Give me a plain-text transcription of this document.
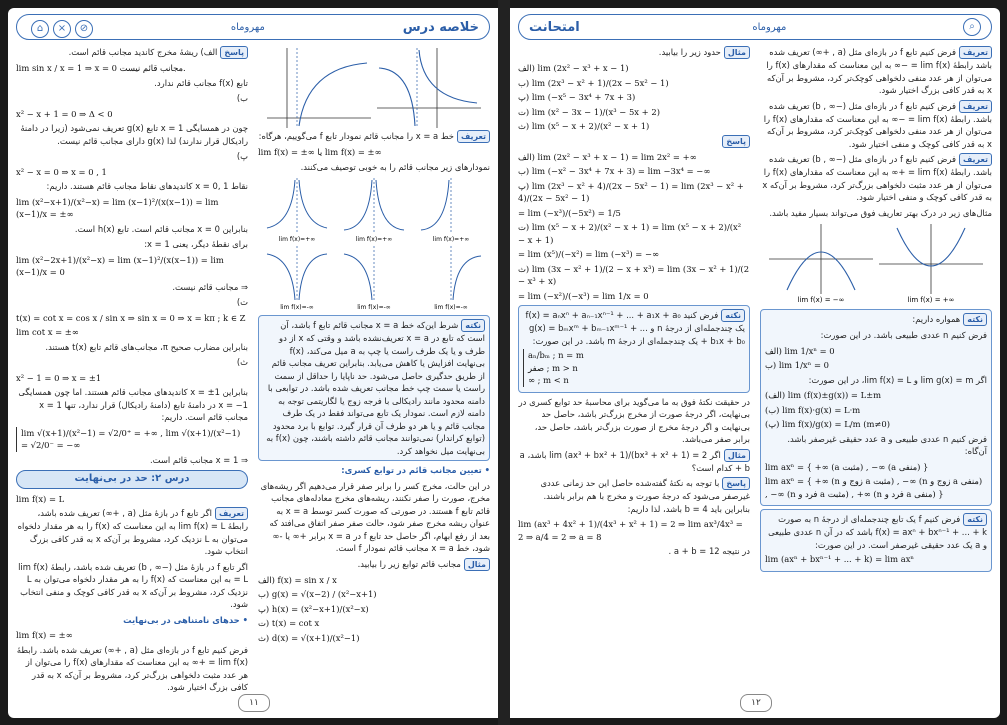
⌂ × ⊘	مهروماه	خلاصه درس

تعریفخط x = a را مجانب قائم نمودار تابع f می‌گوییم، هرگاه:

lim f(x) = ±∞ یا lim f(x) = ±∞

نمودارهای زیر مجانب قائم را به خوبی توصیف می‌کنند.

lim f(x)=+∞
	lim f(x)=+∞
	lim f(x)=+∞

lim f(x)=-∞
	lim f(x)=-∞
	lim f(x)=-∞
نکتهشرط این‌که خط x = a مجانب قائم تابع f باشد، آن است که تابع در x = a تعریف‌نشده باشد و وقتی که x از دو طرف و یا یک طرف راست یا چپ به a میل می‌کند، f(x) بی‌نهایت افزایش یا کاهش می‌یابد. بنابراین تعریف مجانب قائم از طریق حدگیری حاصل می‌شود. حد ناپایا را حداقل از سمت راست یا سمت چپ خط مجانب تعریف شده باشد. در توابعی با دامنه محدود مانند رادیکالی با فرجه زوج یا لگاریتمی توجه به دامنه لازم است. نمودار یک تابع می‌تواند فقط در یک طرف مجانب قائم و یا هر دو طرف آن قرار گیرد. توابع با برد محدود (توابع کراندار) نمی‌توانند مجانب قائم داشته باشند، چون f(x) به بی‌نهایت میل نخواهد کرد.

• تعیین مجانب قائم در توابع کسری:

در این حالت، مخرج کسر را برابر صفر قرار می‌دهیم اگر ریشه‌های مخرج، صورت را صفر نکنند، ریشه‌های مخرج معادله‌های مجانب قائم تابع f هستند. در صورتی که صورت کسر توسط x = a به عنوان ریشه مخرج صفر شود، حالت صفر صفر اتفاق می‌افتد که بعد از رفع ابهام، اگر حاصل حد تابع f در x = a برابر +∞ یا -∞ شود، خط x = a مجانب قائم نمودار f است.

مثالمجانب قائم توابع زیر را بیابید.

الف) f(x) = sin x / x
ب) g(x) = √(x−2) / (x²−x+1)
پ) h(x) = (x²−x+1)/(x²−x)
ت) t(x) = cot x
ث) d(x) = √(x+1)/(x²−1)

پاسخالف) ریشهٔ مخرج کاندید مجانب قائم است.

lim sin x / x = 1 ⇒ x = 0 مجانب قائم نیست.

تابع f(x) مجانب قائم ندارد.

ب)

x² − x + 1 = 0 ⇒ Δ < 0

چون در همسایگی x = 1 تابع g(x) تعریف نمی‌شود (زیرا در دامنهٔ رادیکال قرار ندارند) لذا g(x) دارای مجانب قائم نیست.

پ)

x² − x = 0 ⇒ x = 0 , 1

نقاط x = 0, 1 کاندیدهای نقاط مجانب قائم هستند. داریم:

lim (x²−x+1)/(x²−x) = lim (x−1)²/(x(x−1)) = lim (x−1)/x = ±∞

بنابراین x = 0 مجانب قائم است. تابع h(x) است.

برای نقطهٔ دیگر، یعنی x = 1:

lim (x²−2x+1)/(x²−x) = lim (x−1)²/(x(x−1)) = lim (x−1)/x = 0

⇒ مجانب قائم نیست.

ت)

t(x) = cot x = cos x / sin x ⇒ sin x = 0 ⇒ x = kπ ; k ∈ Z
lim cot x = ±∞

بنابراین مضارب صحیح π، مجانب‌های قائم تابع t(x) هستند.

ث)

x² − 1 = 0 ⇒ x = ±1

بنابراین x = ±1 کاندیدهای مجانب قائم هستند. اما چون همسایگی x = −1 در دامنهٔ تابع (دامنهٔ رادیکال) قرار ندارد، تنها x = 1 مجانب قائم است. داریم:

lim √(x+1)/(x²−1) = √2/0⁺ = +∞ , lim √(x+1)/(x²−1) = √2/0⁻ = −∞

⇒ x = 1 مجانب قائم است.

درس ۲: حد در بی‌نهایت
lim f(x) = L

تعریفاگر تابع f در بازهٔ مثل (a , +∞) تعریف شده باشد، رابطهٔ lim f(x) = L به این معناست که f(x) را به هر مقدار دلخواه می‌توان به L نزدیک کرد، مشروط بر آن‌که x به قدر کافی بزرگ انتخاب شود.

اگر تابع f در بازهٔ مثل (−∞ , b) تعریف شده باشد، رابطهٔ lim f(x) = L به این معناست که f(x) را به هر مقدار دلخواه می‌توان به L نزدیک کرد، مشروط بر آن‌که x به قدر کافی کوچک و منفی انتخاب شود.

• حدهای نامتناهی در بی‌نهایت

lim f(x) = ±∞

فرض کنیم تابع f در بازه‌ای مثل (a , +∞) تعریف شده باشد. رابطهٔ lim f(x) = +∞ به این معناست که مقدارهای f(x) را می‌توان از هر عدد مثبت دلخواهی بزرگ‌تر کرد، مشروط بر آن‌که x به قدر کافی بزرگ اختیار شود.

۱۱
امتحانت	مهروماه	⌕

تعریففرض کنیم تابع f در بازه‌ای مثل (a , +∞) تعریف شده باشد رابطهٔ lim f(x) = −∞ به این معناست که مقدارهای f(x) را می‌توان از هر عدد منفی دلخواهی کوچک‌تر کرد، مشروط بر آن‌که x به قدر کافی بزرگ اختیار شود.

تعریففرض کنیم تابع f در بازه‌ای مثل (−∞ , b) تعریف شده باشد. رابطهٔ lim f(x) = −∞ به این معناست که مقدارهای f(x) را می‌توان از هر عدد منفی دلخواهی کوچک‌تر کرد، مشروط بر آن‌که x به قدر کافی کوچک و منفی اختیار شود.

تعریففرض کنیم تابع f در بازه‌ای مثل (−∞ , b) تعریف شده باشد. رابطهٔ lim f(x) = +∞ به این معناست که مقدارهای f(x) را می‌توان از هر عدد مثبت دلخواهی بزرگ‌تر کرد، مشروط بر آن‌که x به قدر کافی کوچک و منفی اختیار شود.

مثال‌های زیر در درک بهتر تعاریف فوق می‌تواند بسیار مفید باشد.

lim f(x) = −∞
	lim f(x) = +∞

نکتههمواره داریم:

فرض کنیم n عددی طبیعی باشد. در این صورت:

الف) lim 1/xⁿ = 0
ب) lim 1/xⁿ = 0

اگر lim g(x) = m و lim f(x) = L، در این صورت:

(الف) lim (f(x)±g(x)) = L±m
(ب) lim f(x)·g(x) = L·m
(پ) lim f(x)/g(x) = L/m (m≠0)

فرض کنیم n عددی طبیعی و a عدد حقیقی غیرصفر باشد. آن‌گاه:

lim axⁿ = { +∞ (a مثبت) , −∞ (a منفی) }
lim axⁿ = { +∞ (n زوج و a مثبت) , −∞ (n زوج و a منفی) , −∞ (n فرد و a مثبت) , +∞ (n فرد و a منفی) }
نکتهفرض کنیم f یک تابع چندجمله‌ای از درجهٔ n به صورت f(x) = axⁿ + bxⁿ⁻¹ + ... + k باشد که در آن n عددی طبیعی و a یک عدد حقیقی غیرصفر است. در این صورت:
lim (axⁿ + bxⁿ⁻¹ + ... + k) = lim axⁿ

مثالحدود زیر را بیابید.

الف) lim (2x² − x³ + x − 1)
ب) lim (2x³ − x² + 1)/(2x − 5x² − 1)
پ) lim (−x⁵ − 3x⁴ + 7x + 3)
ت) lim (x² − 3x − 1)/(x³ − 5x + 2)
ث) lim (x⁵ − x + 2)/(x² − x + 1)

پاسخ

الف) lim (2x² − x³ + x − 1) = lim 2x² = +∞
ب) lim (−x² − 3x⁴ + 7x + 3) = lim −3x⁴ = −∞
پ) lim (2x³ − x² + 4)/(2x − 5x² − 1) = lim (2x³ − x² + 4)/(2x − 5x² − 1)
= lim (−x³)/(−5x²) = 1/5
ت) lim (x⁵ − x + 2)/(x² − x + 1) = lim (x⁵ − x + 2)/(x² − x + 1)
= lim (x⁵)/(−x²) = lim (−x³) = −∞
ث) lim (3x − x² + 1)/(2 − x + x³) = lim (3x − x² + 1)/(2 − x³ + x)
= lim (−x²)/(−x³) = lim 1/x = 0
نکتهفرض کنید f(x) = aₙxⁿ + aₙ₋₁xⁿ⁻¹ + ... + a₁x + a₀ یک چندجمله‌ای از درجهٔ n و g(x) = bₘxᵐ + bₘ₋₁xᵐ⁻¹ + ... + b₁x + b₀ یک چندجمله‌ای از درجهٔ m باشد. در این صورت:
aₙ/bₘ ; n = m
صفر ; m > n
∞ ; m < n

در حقیقت نکتهٔ فوق به ما می‌گوید برای محاسبهٔ حد توابع کسری در بی‌نهایت، اگر درجهٔ صورت از مخرج بزرگ‌تر باشد، حاصل حد بی‌نهایت و اگر درجهٔ مخرج از صورت بزرگ‌تر باشد، حاصل حد، برابر صفر می‌باشد.

مثالاگر lim (ax³ + bx² + 1)/(bx³ + x² + 1) = 2 باشد، a + b کدام است؟

پاسخبا توجه به نکتهٔ گفته‌شده حاصل این حد زمانی عددی غیرصفر می‌شود که درجهٔ صورت و مخرج با هم برابر باشند. بنابراین باید b = 4 باشد، لذا داریم:

lim (ax³ + 4x² + 1)/(4x³ + x² + 1) = 2 ⇒ lim ax³/4x³ = 2 ⇒ a/4 = 2 ⇒ a = 8

در نتیجه a + b = 12 .

۱۲
